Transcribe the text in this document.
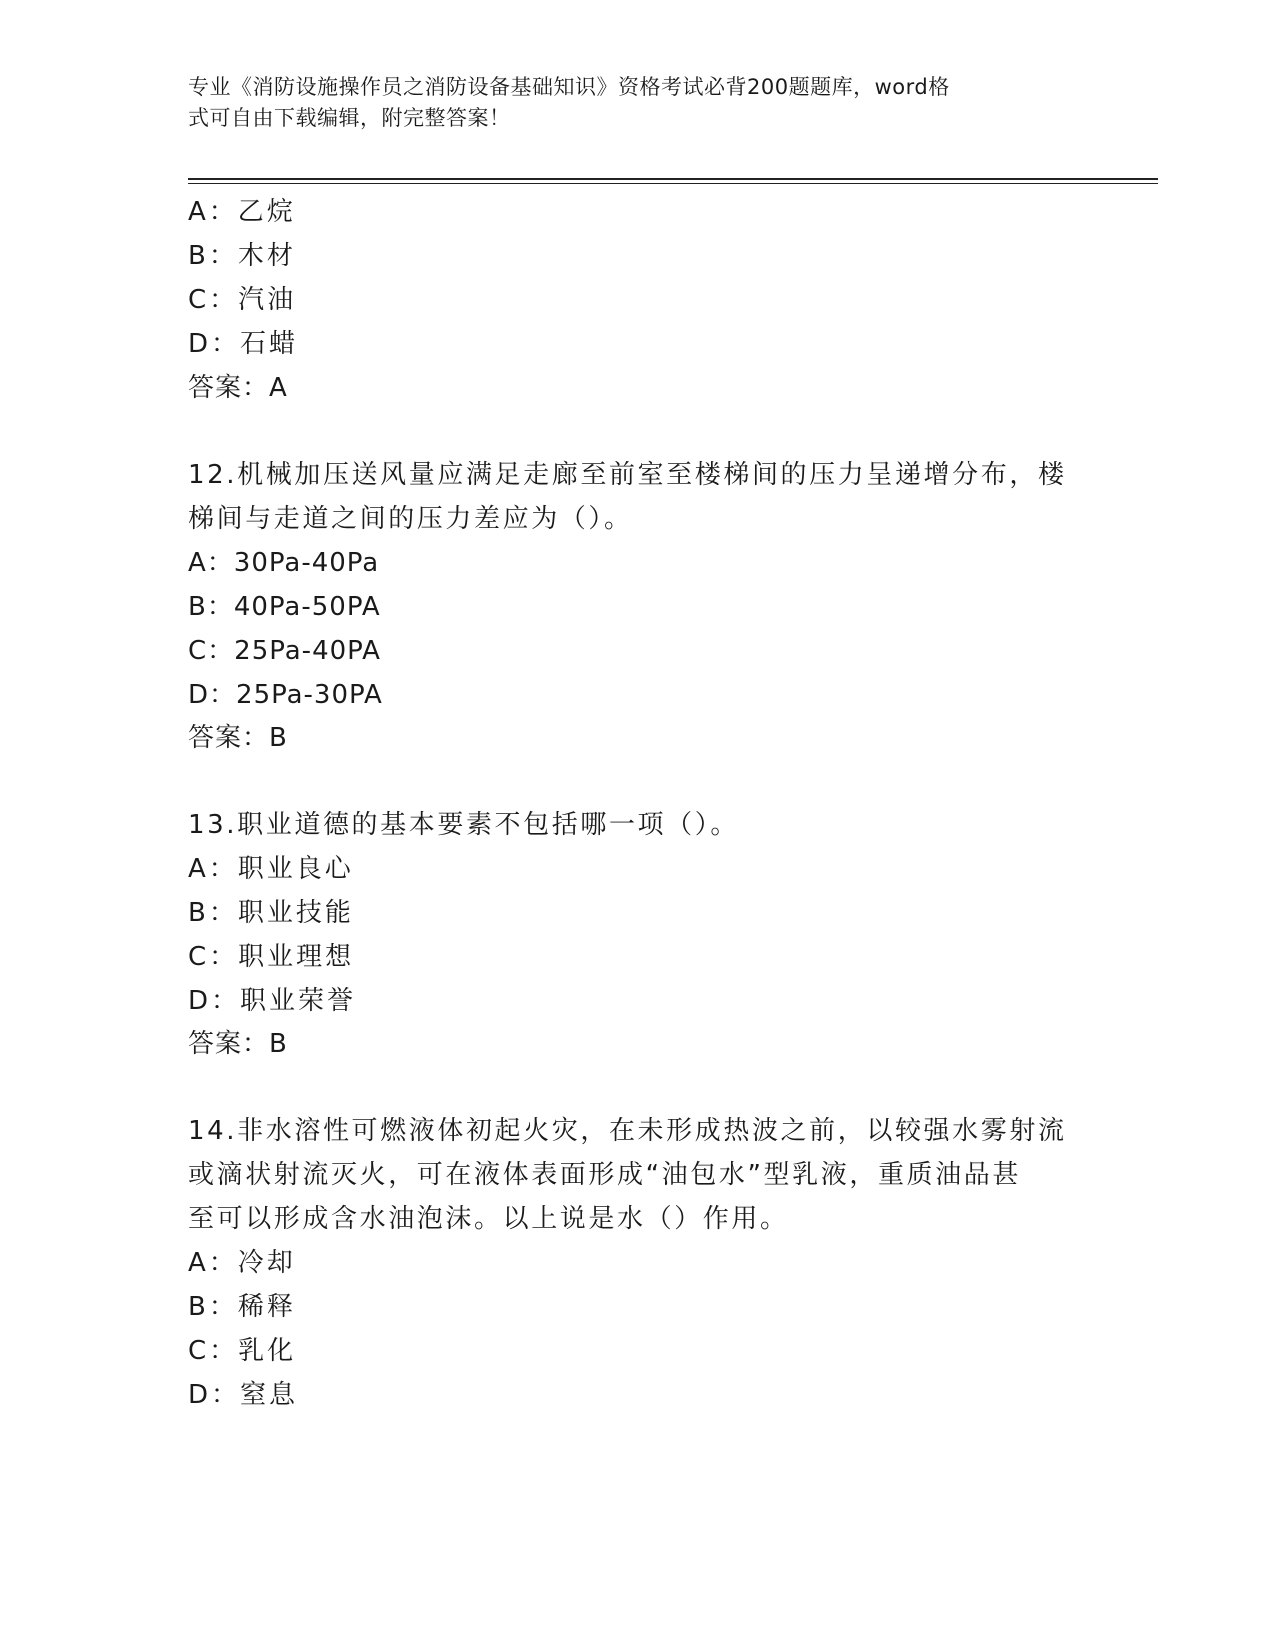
专业《消防设施操作员之消防设备基础知识》资格考试必背200题题库，word格
式可自由下载编辑，附完整答案！
A：乙烷
B：木材
C：汽油
D：石蜡
答案：A
12.机械加压送风量应满足走廊至前室至楼梯间的压力呈递增分布，楼
梯间与走道之间的压力差应为（）。
A：30Pa-40Pa
B：40Pa-50PA
C：25Pa-40PA
D：25Pa-30PA
答案：B
13.职业道德的基本要素不包括哪一项（）。
A：职业良心
B：职业技能
C：职业理想
D：职业荣誉
答案：B
14.非水溶性可燃液体初起火灾，在未形成热波之前，以较强水雾射流
或滴状射流灭火，可在液体表面形成“油包水”型乳液，重质油品甚
至可以形成含水油泡沫。以上说是水（）作用。
A：冷却
B：稀释
C：乳化
D：窒息
